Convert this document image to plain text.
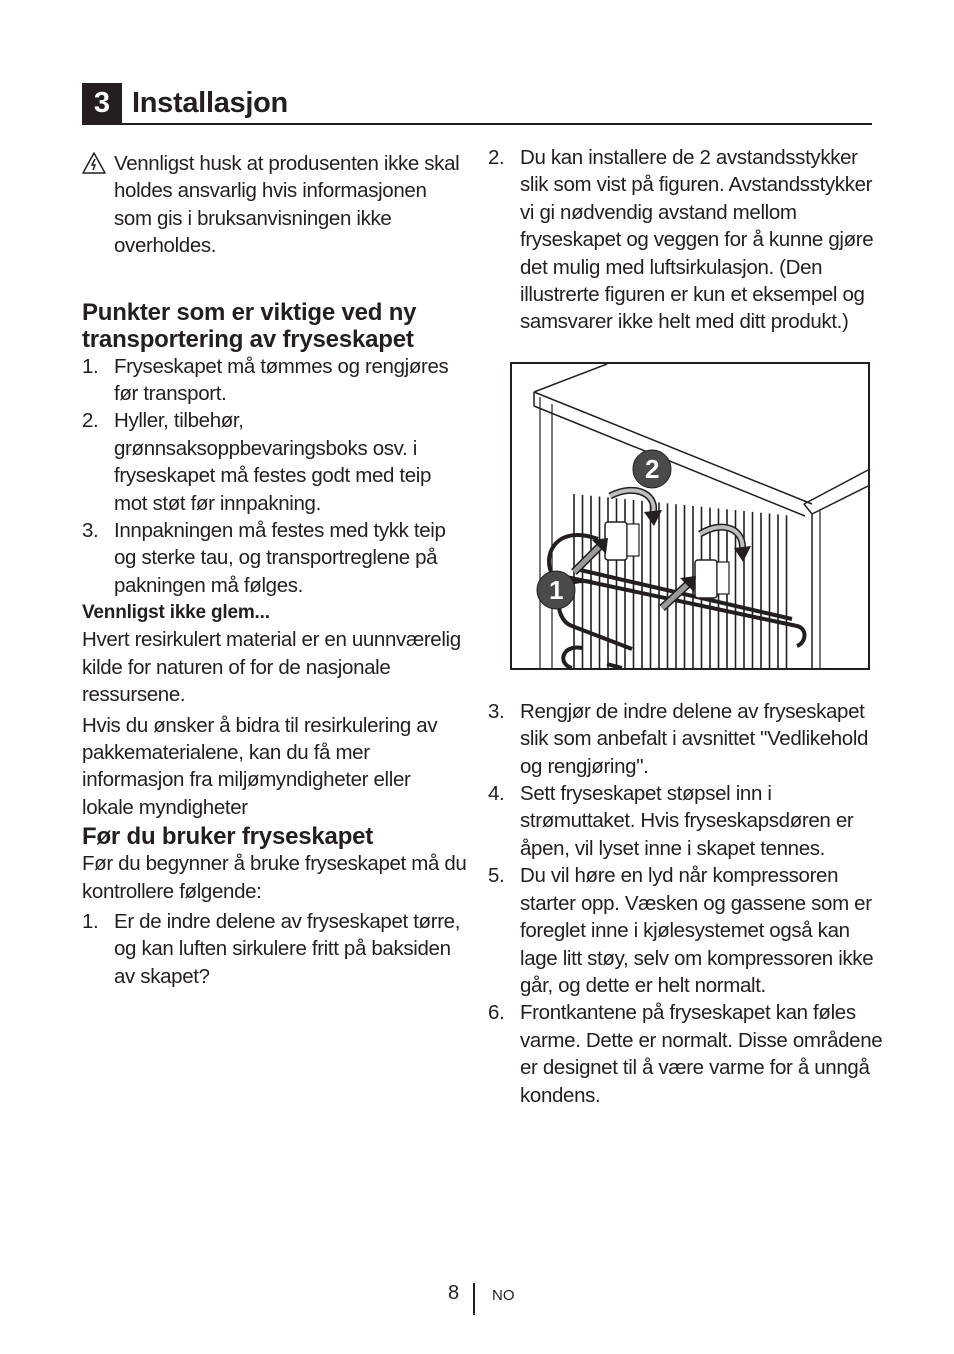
3 Installasjon

Vennligst husk at produsenten ikke skal holdes ansvarlig hvis informasjonen som gis i bruksanvisningen ikke overholdes.

Punkter som er viktige ved ny transportering av fryseskapet
1. Fryseskapet må tømmes og rengjøres før transport.
2. Hyller, tilbehør, grønnsaksoppbevaringsboks osv. i fryseskapet må festes godt med teip mot støt før innpakning.
3. Innpakningen må festes med tykk teip og sterke tau, og transportreglene på pakningen må følges.
Vennligst ikke glem...

Hvert resirkulert material er en uunnværelig kilde for naturen of for de nasjonale ressursene.

Hvis du ønsker å bidra til resirkulering av pakkematerialene, kan du få mer informasjon fra miljømyndigheter eller lokale myndigheter

Før du bruker fryseskapet

Før du begynner å bruke fryseskapet må du kontrollere følgende:

1. Er de indre delene av fryseskapet tørre, og kan luften sirkulere fritt på baksiden av skapet?
2. Du kan installere de 2 avstandsstykker slik som vist på figuren. Avstandsstykker vi gi nødvendig avstand mellom fryseskapet og veggen for å kunne gjøre det mulig med luftsirkulasjon. (Den illustrerte figuren er kun et eksempel og samsvarer ikke helt med ditt produkt.)
2
1
3. Rengjør de indre delene av fryseskapet slik som anbefalt i avsnittet "Vedlikehold og rengjøring".
4. Sett fryseskapet støpsel inn i strømuttaket. Hvis fryseskapsdøren er åpen, vil lyset inne i skapet tennes.
5. Du vil høre en lyd når kompressoren starter opp. Væsken og gassene som er foreglet inne i kjølesystemet også kan lage litt støy, selv om kompressoren ikke går, og dette er helt normalt.
6. Frontkantene på fryseskapet kan føles varme. Dette er normalt. Disse områdene er designet til å være varme for å unngå kondens.
8 NO
